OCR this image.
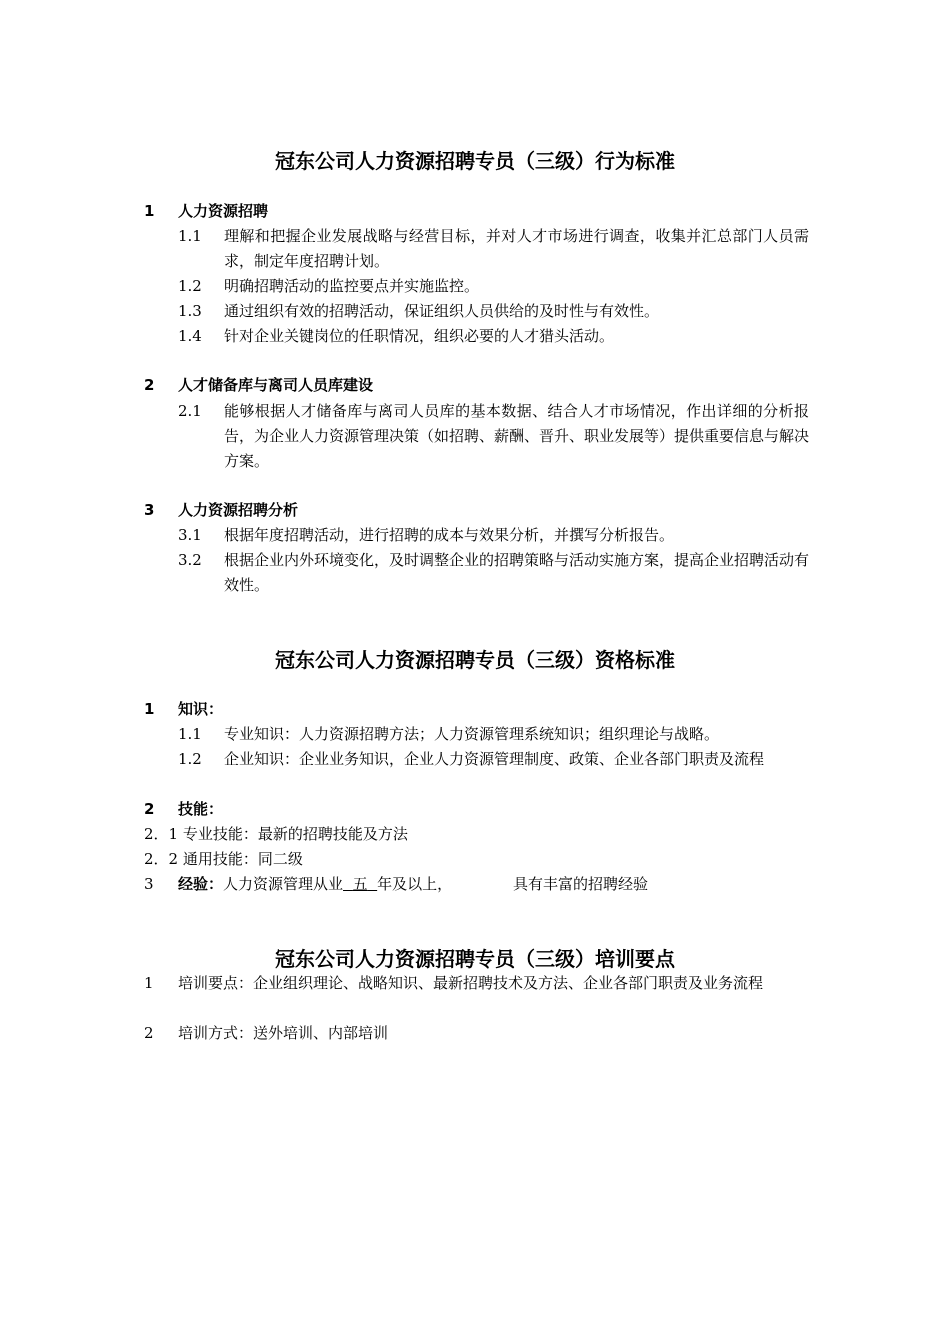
冠东公司人力资源招聘专员（三级）行为标准
1 人力资源招聘
1.1 理解和把握企业发展战略与经营目标，并对人才市场进行调查，收集并汇总部门人员需求，制定年度招聘计划。
1.2 明确招聘活动的监控要点并实施监控。
1.3 通过组织有效的招聘活动，保证组织人员供给的及时性与有效性。
1.4 针对企业关键岗位的任职情况，组织必要的人才猎头活动。
2 人才储备库与离司人员库建设
2.1 能够根据人才储备库与离司人员库的基本数据、结合人才市场情况，作出详细的分析报告，为企业人力资源管理决策（如招聘、薪酬、晋升、职业发展等）提供重要信息与解决方案。
3 人力资源招聘分析
3.1 根据年度招聘活动，进行招聘的成本与效果分析，并撰写分析报告。
3.2 根据企业内外环境变化，及时调整企业的招聘策略与活动实施方案，提高企业招聘活动有效性。
冠东公司人力资源招聘专员（三级）资格标准
1 知识：
1.1 专业知识：人力资源招聘方法；人力资源管理系统知识；组织理论与战略。
1.2 企业知识：企业业务知识，企业人力资源管理制度、政策、企业各部门职责及流程
2 技能：
2．1 专业技能：最新的招聘技能及方法
2．2 通用技能：同二级
3 经验：人力资源管理从业 五 年及以上，	具有丰富的招聘经验
冠东公司人力资源招聘专员（三级）培训要点
1 培训要点：企业组织理论、战略知识、最新招聘技术及方法、企业各部门职责及业务流程
2 培训方式：送外培训、内部培训
